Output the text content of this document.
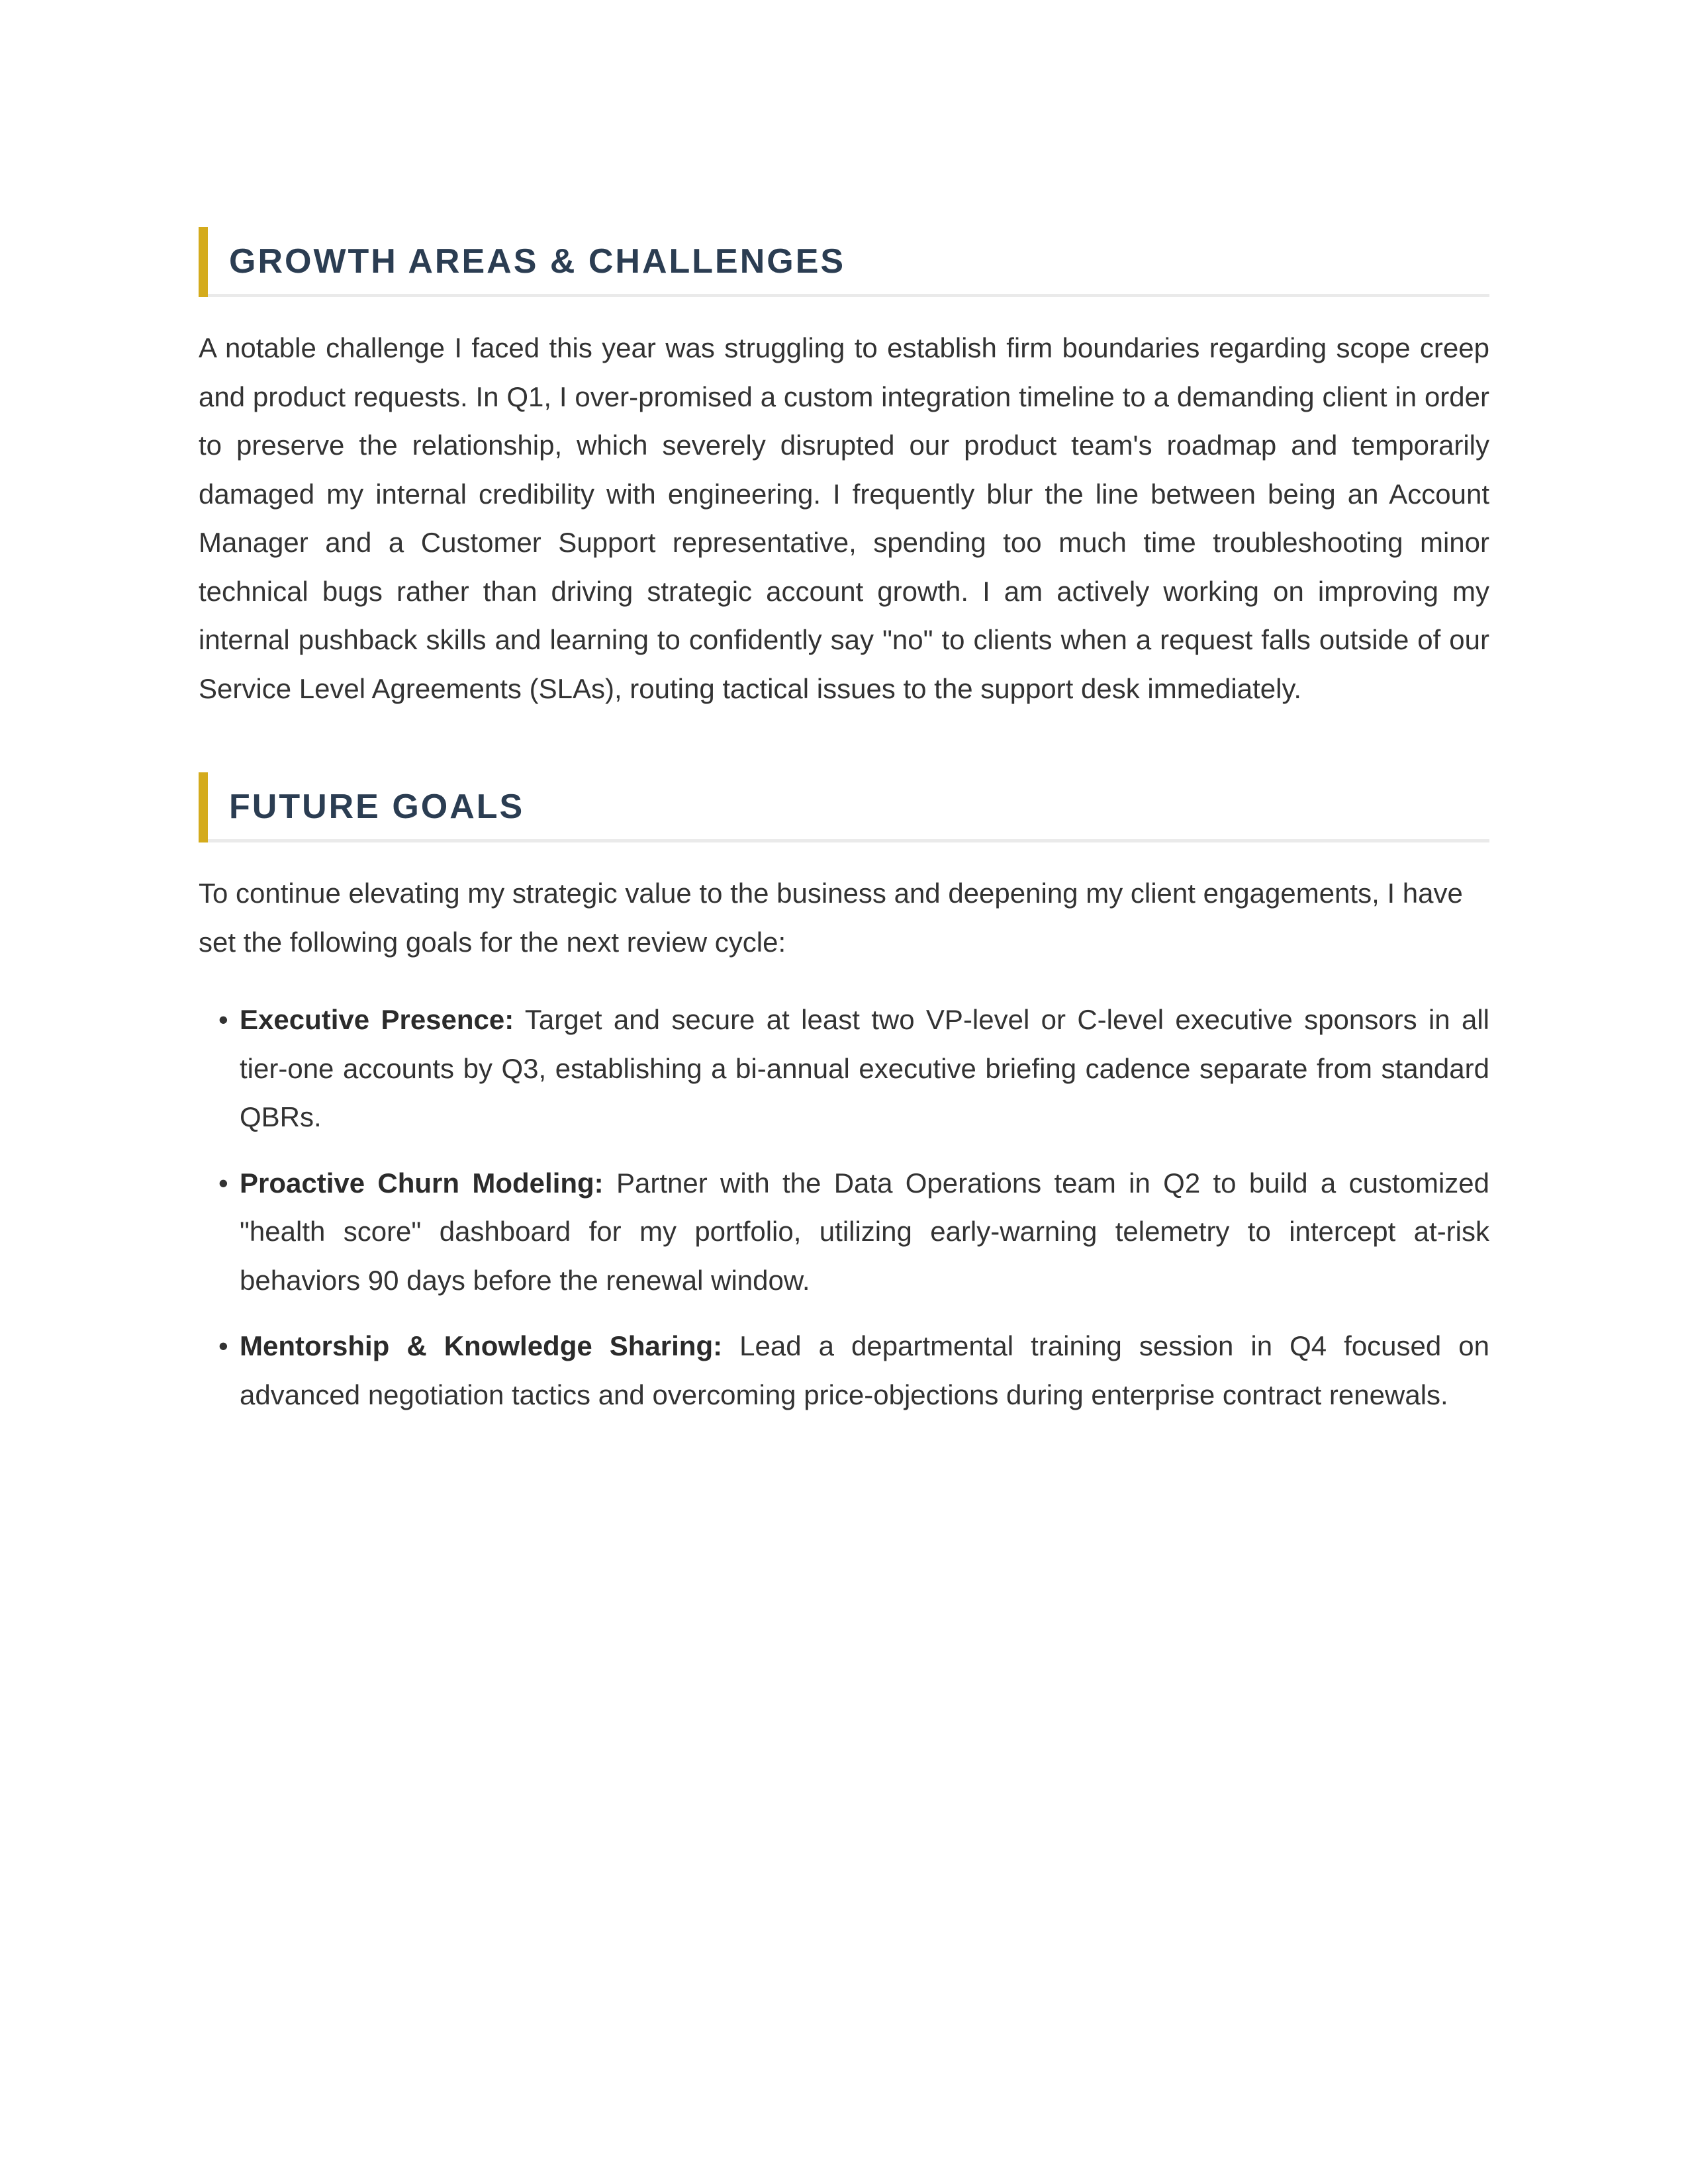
GROWTH AREAS & CHALLENGES

A notable challenge I faced this year was struggling to establish firm boundaries regarding scope creep and product requests. In Q1, I over-promised a custom integration timeline to a demanding client in order to preserve the relationship, which severely disrupted our product team's roadmap and temporarily damaged my internal credibility with engineering. I frequently blur the line between being an Account Manager and a Customer Support representative, spending too much time troubleshooting minor technical bugs rather than driving strategic account growth. I am actively working on improving my internal pushback skills and learning to confidently say "no" to clients when a request falls outside of our Service Level Agreements (SLAs), routing tactical issues to the support desk immediately.

FUTURE GOALS

To continue elevating my strategic value to the business and deepening my client engagements, I have set the following goals for the next review cycle:

• Executive Presence: Target and secure at least two VP-level or C-level executive sponsors in all tier-one accounts by Q3, establishing a bi-annual executive briefing cadence separate from standard QBRs.
• Proactive Churn Modeling: Partner with the Data Operations team in Q2 to build a customized "health score" dashboard for my portfolio, utilizing early-warning telemetry to intercept at-risk behaviors 90 days before the renewal window.
• Mentorship & Knowledge Sharing: Lead a departmental training session in Q4 focused on advanced negotiation tactics and overcoming price-objections during enterprise contract renewals.
